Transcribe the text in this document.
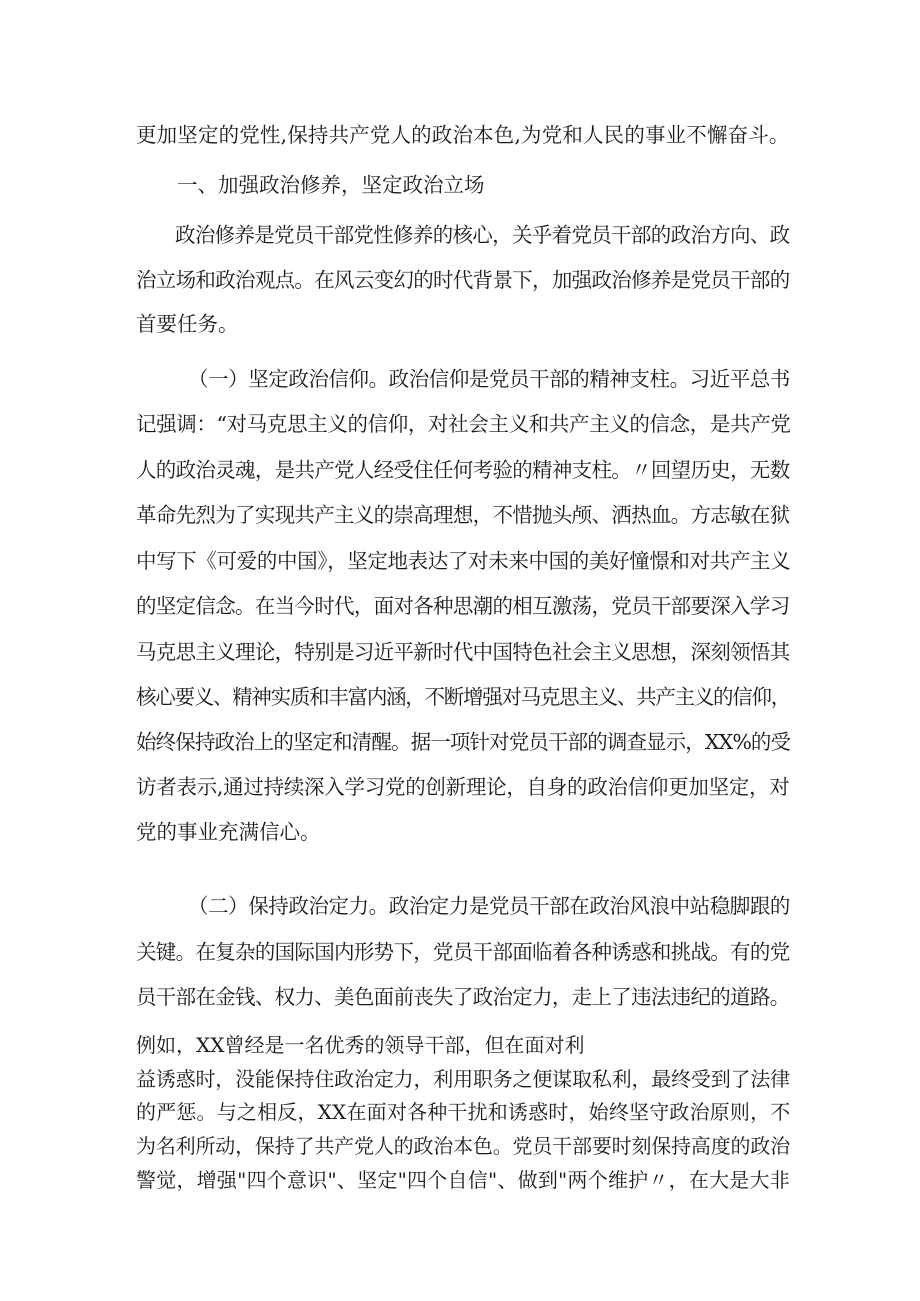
更加坚定的党性,保持共产党人的政治本色,为党和人民的事业不懈奋斗。
一、加强政治修养，坚定政治立场
政治修养是党员干部党性修养的核心，关乎着党员干部的政治方向、政
治立场和政治观点。在风云变幻的时代背景下，加强政治修养是党员干部的
首要任务。
（一）坚定政治信仰。政治信仰是党员干部的精神支柱。习近平总书
记强调：“对马克思主义的信仰，对社会主义和共产主义的信念，是共产党
人的政治灵魂，是共产党人经受住任何考验的精神支柱。〃回望历史，无数
革命先烈为了实现共产主义的崇高理想，不惜抛头颅、洒热血。方志敏在狱
中写下《可爱的中国》，坚定地表达了对未来中国的美好憧憬和对共产主义
的坚定信念。在当今时代，面对各种思潮的相互激荡，党员干部要深入学习
马克思主义理论，特别是习近平新时代中国特色社会主义思想，深刻领悟其
核心要义、精神实质和丰富内涵，不断增强对马克思主义、共产主义的信仰，
始终保持政治上的坚定和清醒。据一项针对党员干部的调查显示，XX%的受
访者表示,通过持续深入学习党的创新理论，自身的政治信仰更加坚定，对
党的事业充满信心。
（二）保持政治定力。政治定力是党员干部在政治风浪中站稳脚跟的
关键。在复杂的国际国内形势下，党员干部面临着各种诱惑和挑战。有的党
员干部在金钱、权力、美色面前丧失了政治定力，走上了违法违纪的道路。
例如，XX曾经是一名优秀的领导干部，但在面对利
益诱惑时，没能保持住政治定力，利用职务之便谋取私利，最终受到了法律
的严惩。与之相反，XX在面对各种干扰和诱惑时，始终坚守政治原则，不
为名利所动，保持了共产党人的政治本色。党员干部要时刻保持高度的政治
警觉，增强"四个意识"、坚定"四个自信"、做到"两个维护〃，在大是大非
